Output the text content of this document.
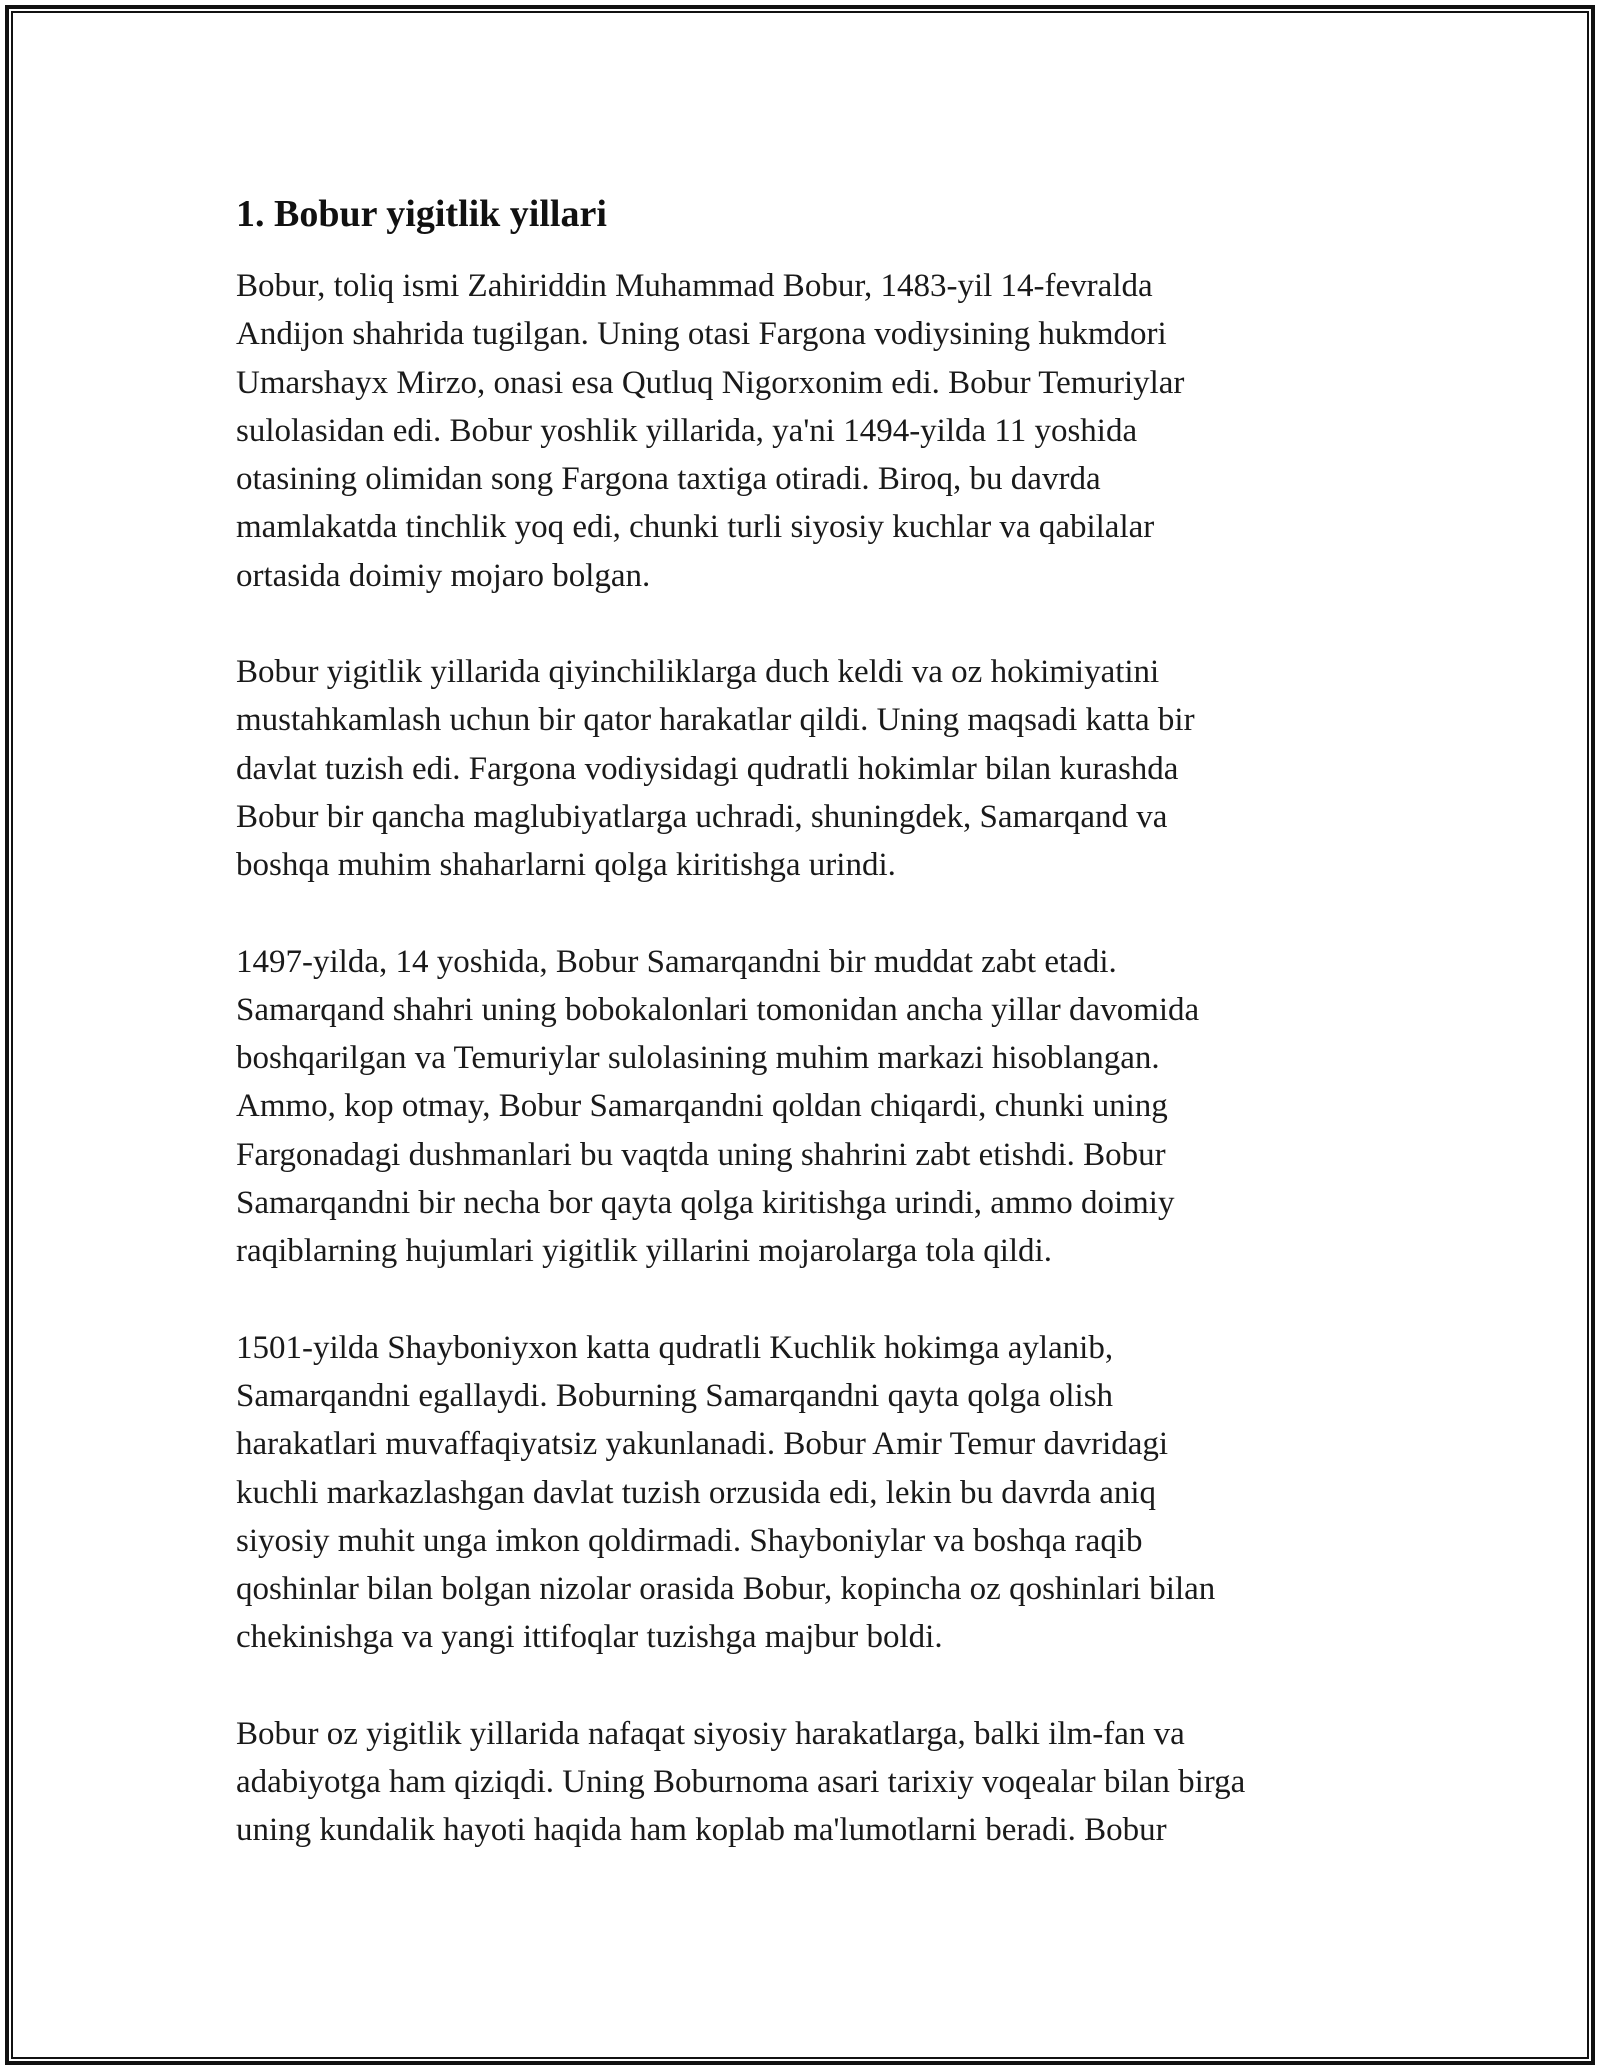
1. Bobur yigitlik yillari
Bobur, toliq ismi Zahiriddin Muhammad Bobur, 1483-yil 14-fevralda
Andijon shahrida tugilgan. Uning otasi Fargona vodiysining hukmdori
Umarshayx Mirzo, onasi esa Qutluq Nigorxonim edi. Bobur Temuriylar
sulolasidan edi. Bobur yoshlik yillarida, ya'ni 1494-yilda 11 yoshida
otasining olimidan song Fargona taxtiga otiradi. Biroq, bu davrda
mamlakatda tinchlik yoq edi, chunki turli siyosiy kuchlar va qabilalar
ortasida doimiy mojaro bolgan.
Bobur yigitlik yillarida qiyinchiliklarga duch keldi va oz hokimiyatini
mustahkamlash uchun bir qator harakatlar qildi. Uning maqsadi katta bir
davlat tuzish edi. Fargona vodiysidagi qudratli hokimlar bilan kurashda
Bobur bir qancha maglubiyatlarga uchradi, shuningdek, Samarqand va
boshqa muhim shaharlarni qolga kiritishga urindi.
1497-yilda, 14 yoshida, Bobur Samarqandni bir muddat zabt etadi.
Samarqand shahri uning bobokalonlari tomonidan ancha yillar davomida
boshqarilgan va Temuriylar sulolasining muhim markazi hisoblangan.
Ammo, kop otmay, Bobur Samarqandni qoldan chiqardi, chunki uning
Fargonadagi dushmanlari bu vaqtda uning shahrini zabt etishdi. Bobur
Samarqandni bir necha bor qayta qolga kiritishga urindi, ammo doimiy
raqiblarning hujumlari yigitlik yillarini mojarolarga tola qildi.
1501-yilda Shayboniyxon katta qudratli Kuchlik hokimga aylanib,
Samarqandni egallaydi. Boburning Samarqandni qayta qolga olish
harakatlari muvaffaqiyatsiz yakunlanadi. Bobur Amir Temur davridagi
kuchli markazlashgan davlat tuzish orzusida edi, lekin bu davrda aniq
siyosiy muhit unga imkon qoldirmadi. Shayboniylar va boshqa raqib
qoshinlar bilan bolgan nizolar orasida Bobur, kopincha oz qoshinlari bilan
chekinishga va yangi ittifoqlar tuzishga majbur boldi.
Bobur oz yigitlik yillarida nafaqat siyosiy harakatlarga, balki ilm-fan va
adabiyotga ham qiziqdi. Uning Boburnoma asari tarixiy voqealar bilan birga
uning kundalik hayoti haqida ham koplab ma'lumotlarni beradi. Bobur
